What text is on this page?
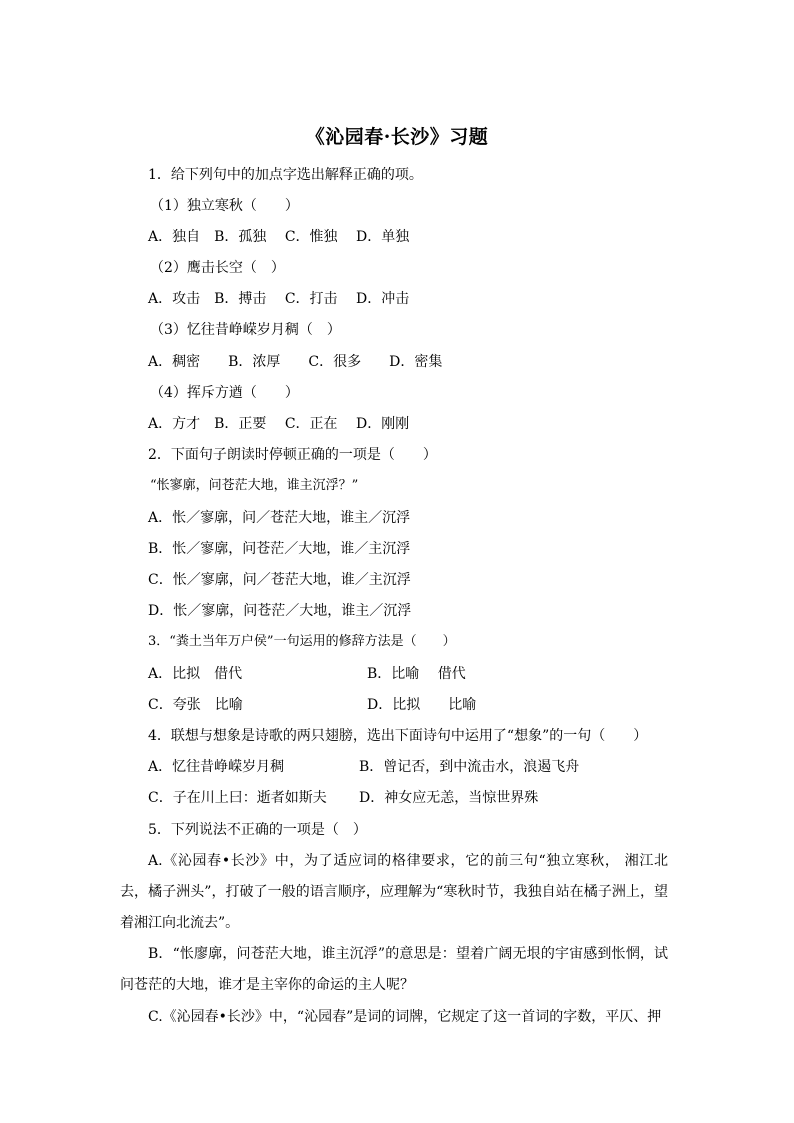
《沁园春·长沙》习题
1．给下列句中的加点字选出解释正确的项。
（1）独立寒秋（　　）
A．独自　B．孤独　 C．惟独　 D．单独
（2）鹰击长空（　）
A．攻击　B．搏击　 C．打击　 D．冲击
（3）忆往昔峥嵘岁月稠（　）
A．稠密　　B．浓厚　　C．很多　　D．密集
（4）挥斥方遒（　　）
A．方才　B．正要　 C．正在　 D．刚刚
2．下面句子朗读时停顿正确的一项是（　　）
“怅寥廓，问苍茫大地，谁主沉浮？”
A．怅／寥廓，问／苍茫大地，谁主／沉浮
B．怅／寥廓，问苍茫／大地，谁／主沉浮
C．怅／寥廓，问／苍茫大地，谁／主沉浮
D．怅／寥廓，问苍茫／大地，谁主／沉浮
3．“粪土当年万户侯”一句运用的修辞方法是（　　）
A．比拟　借代	B．比喻　 借代
C．夸张　比喻	D．比拟　　比喻
4．联想与想象是诗歌的两只翅膀，选出下面诗句中运用了“想象”的一句（　　）
A．忆往昔峥嵘岁月稠	B．曾记否，到中流击水，浪遏飞舟
C．子在川上曰：逝者如斯夫 D．神女应无恙，当惊世界殊
5．下列说法不正确的一项是（　）
A.《沁园春•长沙》中，为了适应词的格律要求，它的前三句“独立寒秋， 湘江北去，橘子洲头”，打破了一般的语言顺序，应理解为“寒秋时节，我独自站在橘子洲上，望着湘江向北流去”。
B．“怅廖廓，问苍茫大地，谁主沉浮”的意思是：望着广阔无垠的宇宙感到怅惘，试问苍茫的大地，谁才是主宰你的命运的主人呢？
C.《沁园春•长沙》中，“沁园春”是词的词牌，它规定了这一首词的字数，平仄、押
